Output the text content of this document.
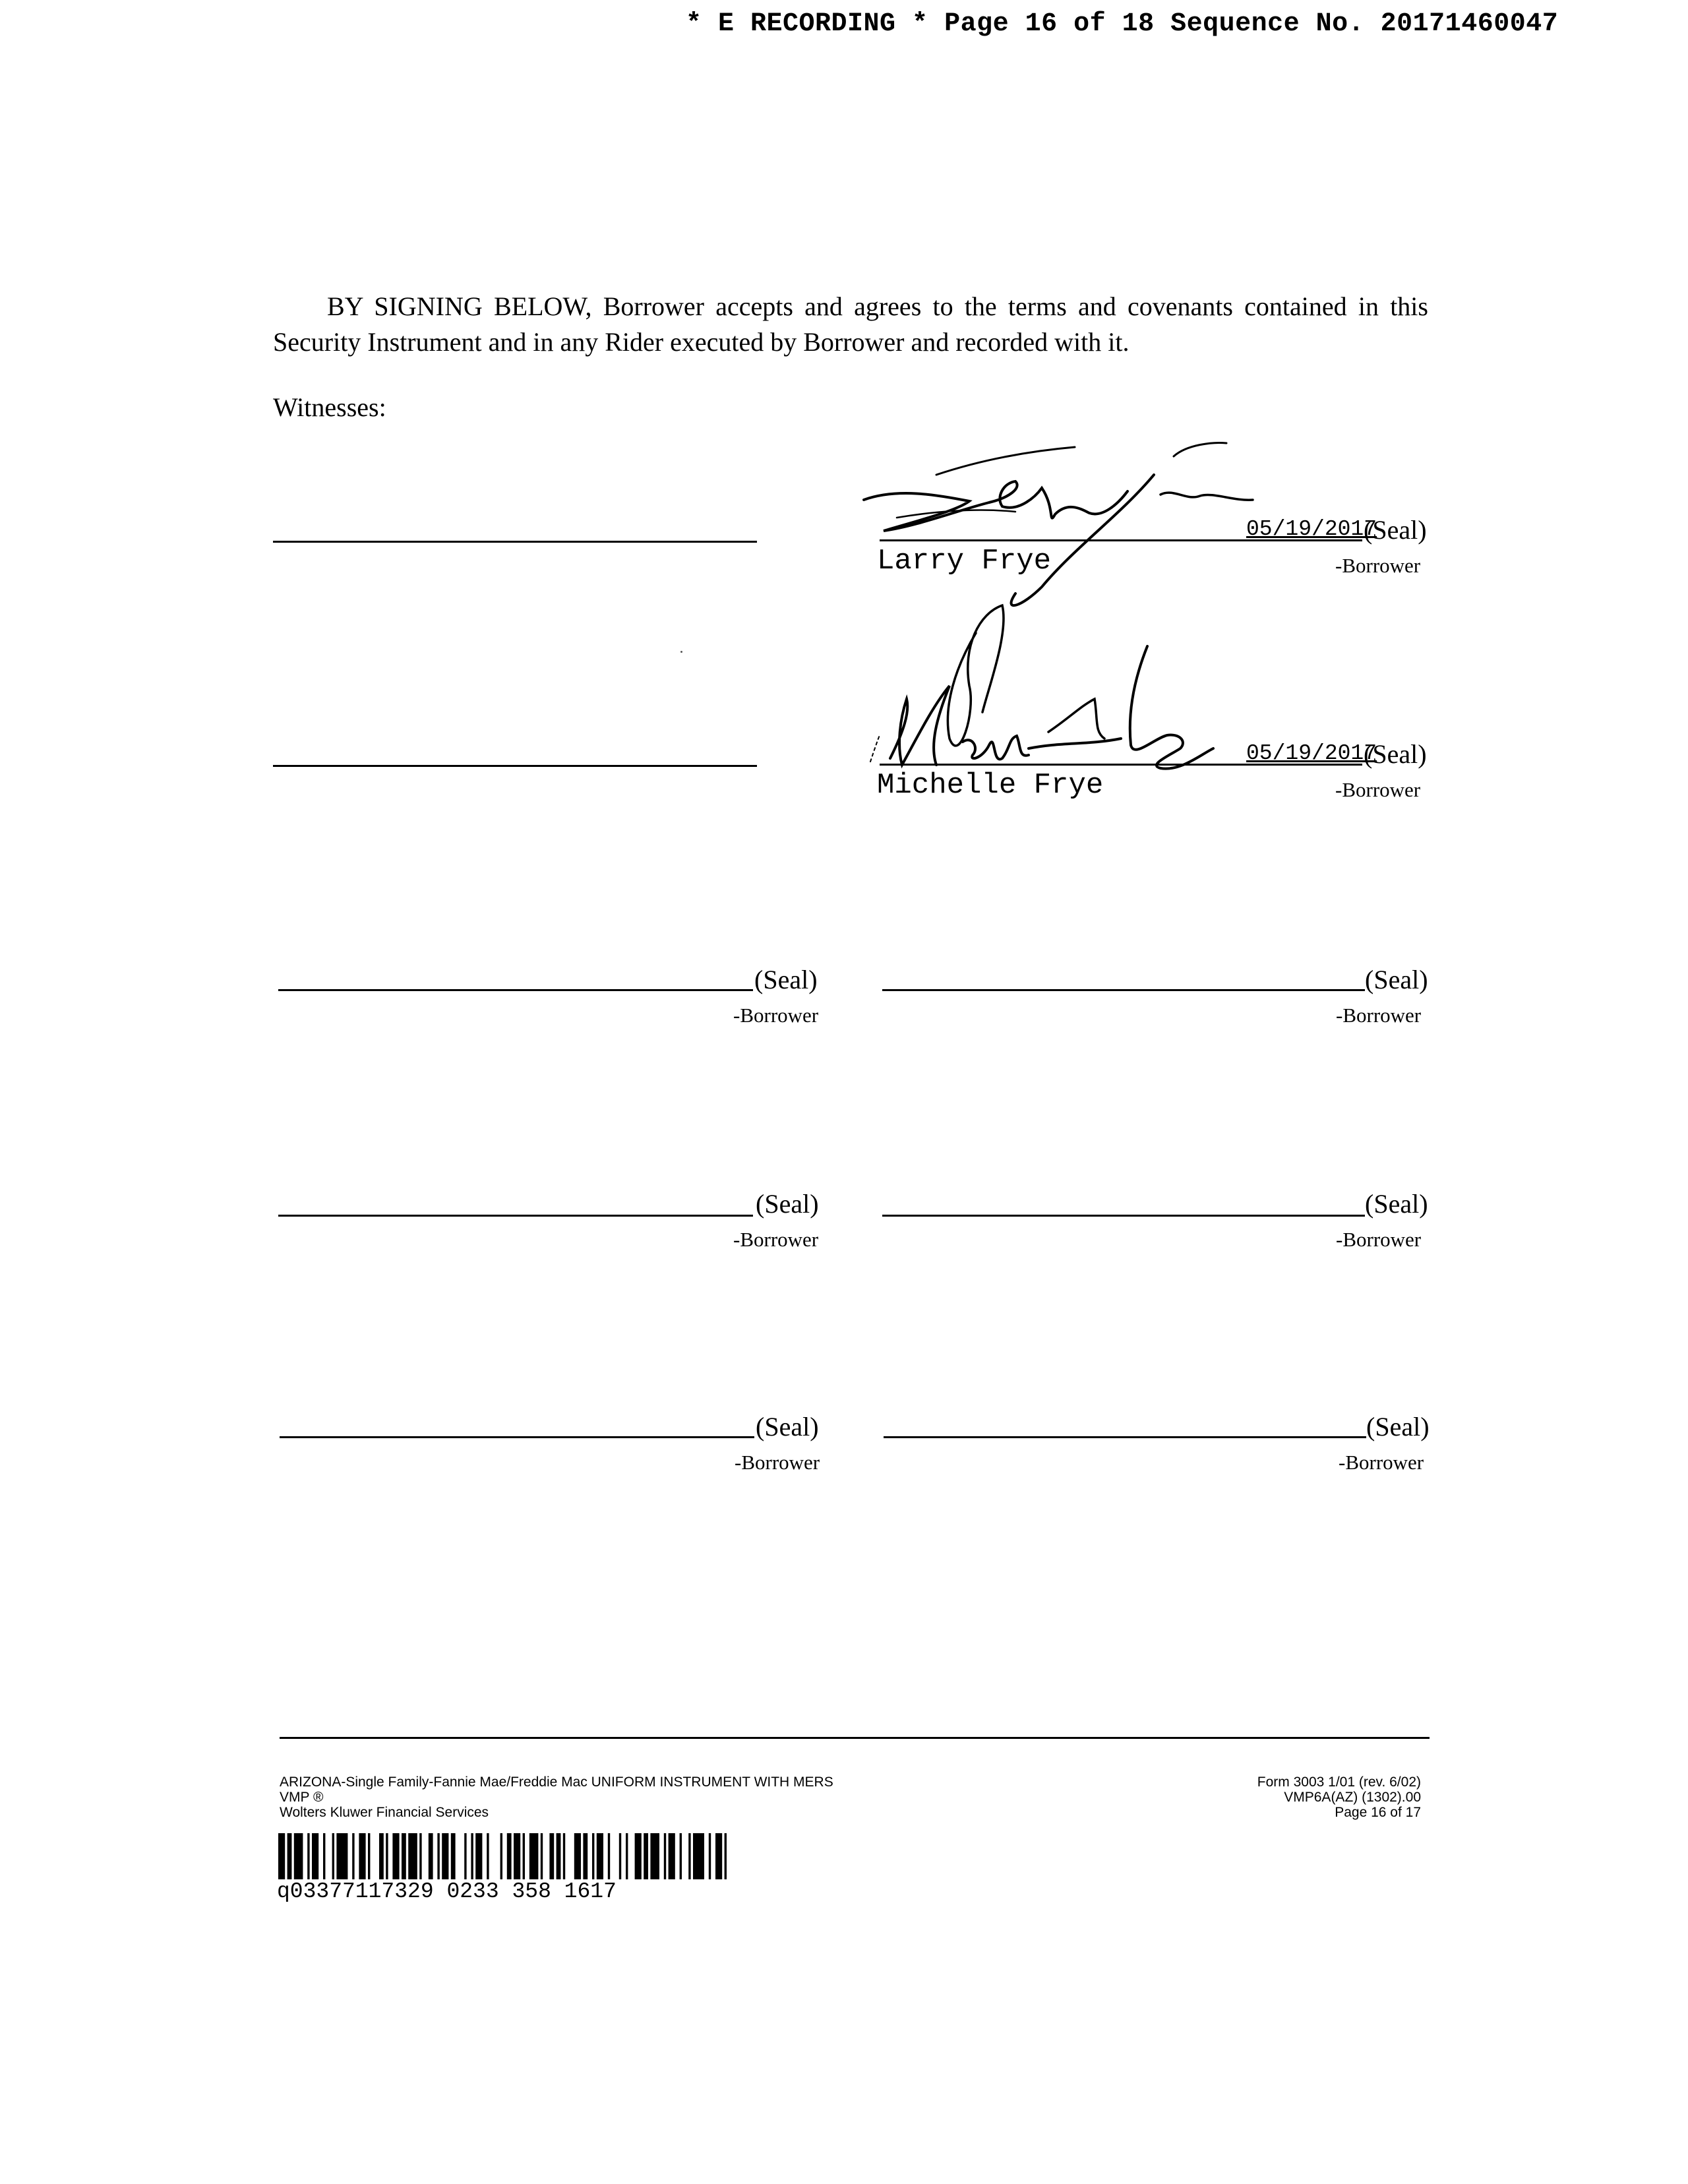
* E RECORDING * Page 16 of 18 Sequence No. 20171460047
BY SIGNING BELOW, Borrower accepts and agrees to the terms and covenants contained in this Security Instrument and in any Rider executed by Borrower and recorded with it.
Witnesses:
05/19/2017
(Seal)
Larry Frye	-Borrower
05/19/2017
(Seal)
Michelle Frye	-Borrower
(Seal)
-Borrower
(Seal)
-Borrower
(Seal)
-Borrower
(Seal)
-Borrower
(Seal)
-Borrower
(Seal)
-Borrower
ARIZONA-Single Family-Fannie Mae/Freddie Mac UNIFORM INSTRUMENT WITH MERS
VMP ®
Wolters Kluwer Financial Services
Form 3003 1/01 (rev. 6/02)
VMP6A(AZ) (1302).00
Page 16 of 17
q03377117329 0233 358 1617
